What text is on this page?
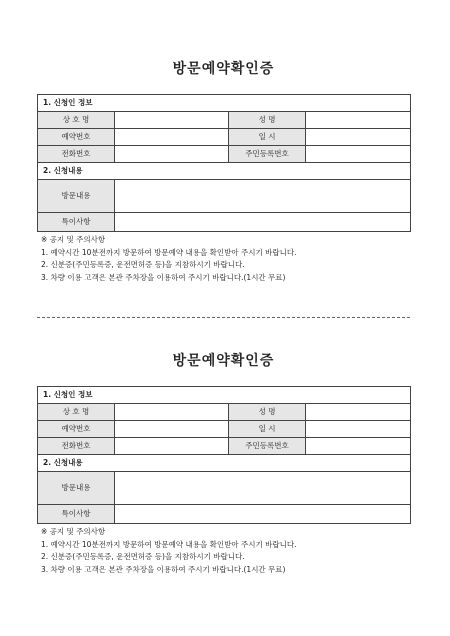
방문예약확인증
1. 신청인 정보			
상 호 명		성 명	
예약번호		일 시	
전화번호		주민등록번호	
2. 신청내용			
방문내용			
특이사항			
※ 공지 및 주의사항
1. 예약시간 10분전까지 방문하여 방문예약 내용을 확인받아 주시기 바랍니다.
2. 신분증(주민등록증, 운전면허증 등)을 지참하시기 바랍니다.
3. 차량 이용 고객은 본관 주차장을 이용하여 주시기 바랍니다.(1시간 무료)
방문예약확인증
1. 신청인 정보			
상 호 명		성 명	
예약번호		일 시	
전화번호		주민등록번호	
2. 신청내용			
방문내용			
특이사항			
※ 공지 및 주의사항
1. 예약시간 10분전까지 방문하여 방문예약 내용을 확인받아 주시기 바랍니다.
2. 신분증(주민등록증, 운전면허증 등)을 지참하시기 바랍니다.
3. 차량 이용 고객은 본관 주차장을 이용하여 주시기 바랍니다.(1시간 무료)
